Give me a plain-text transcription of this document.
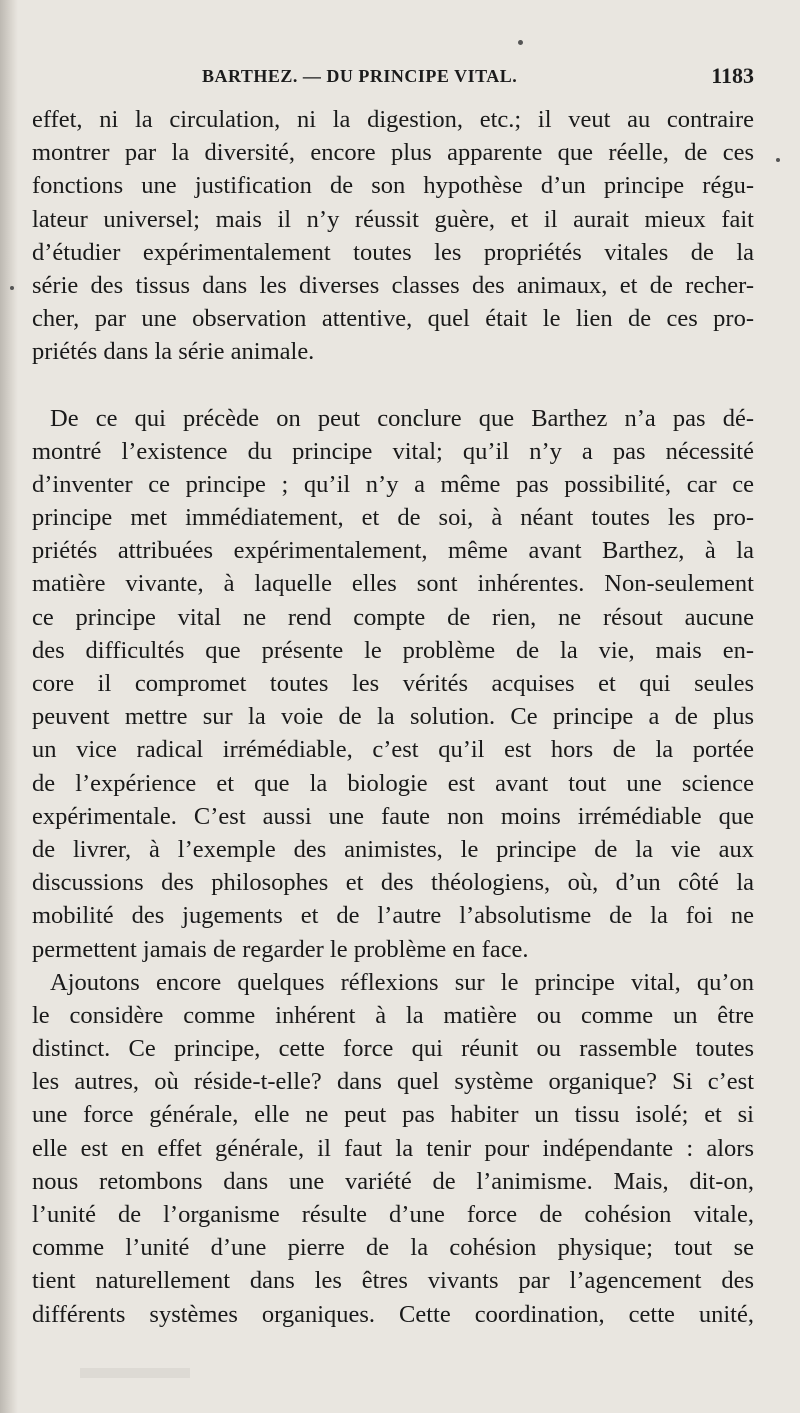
BARTHEZ. — DU PRINCIPE VITAL.	1183
effet, ni la circulation, ni la digestion, etc.; il veut au contraire
montrer par la diversité, encore plus apparente que réelle, de ces
fonctions une justification de son hypothèse d’un principe régu-
lateur universel; mais il n’y réussit guère, et il aurait mieux fait
d’étudier expérimentalement toutes les propriétés vitales de la
série des tissus dans les diverses classes des animaux, et de recher-
cher, par une observation attentive, quel était le lien de ces pro-
priétés dans la série animale.
De ce qui précède on peut conclure que Barthez n’a pas dé-
montré l’existence du principe vital; qu’il n’y a pas nécessité
d’inventer ce principe ; qu’il n’y a même pas possibilité, car ce
principe met immédiatement, et de soi, à néant toutes les pro-
priétés attribuées expérimentalement, même avant Barthez, à la
matière vivante, à laquelle elles sont inhérentes. Non-seulement
ce principe vital ne rend compte de rien, ne résout aucune
des difficultés que présente le problème de la vie, mais en-
core il compromet toutes les vérités acquises et qui seules
peuvent mettre sur la voie de la solution. Ce principe a de plus
un vice radical irrémédiable, c’est qu’il est hors de la portée
de l’expérience et que la biologie est avant tout une science
expérimentale. C’est aussi une faute non moins irrémédiable que
de livrer, à l’exemple des animistes, le principe de la vie aux
discussions des philosophes et des théologiens, où, d’un côté la
mobilité des jugements et de l’autre l’absolutisme de la foi ne
permettent jamais de regarder le problème en face.
Ajoutons encore quelques réflexions sur le principe vital, qu’on
le considère comme inhérent à la matière ou comme un être
distinct. Ce principe, cette force qui réunit ou rassemble toutes
les autres, où réside-t-elle? dans quel système organique? Si c’est
une force générale, elle ne peut pas habiter un tissu isolé; et si
elle est en effet générale, il faut la tenir pour indépendante : alors
nous retombons dans une variété de l’animisme. Mais, dit-on,
l’unité de l’organisme résulte d’une force de cohésion vitale,
comme l’unité d’une pierre de la cohésion physique; tout se
tient naturellement dans les êtres vivants par l’agencement des
différents systèmes organiques. Cette coordination, cette unité,
